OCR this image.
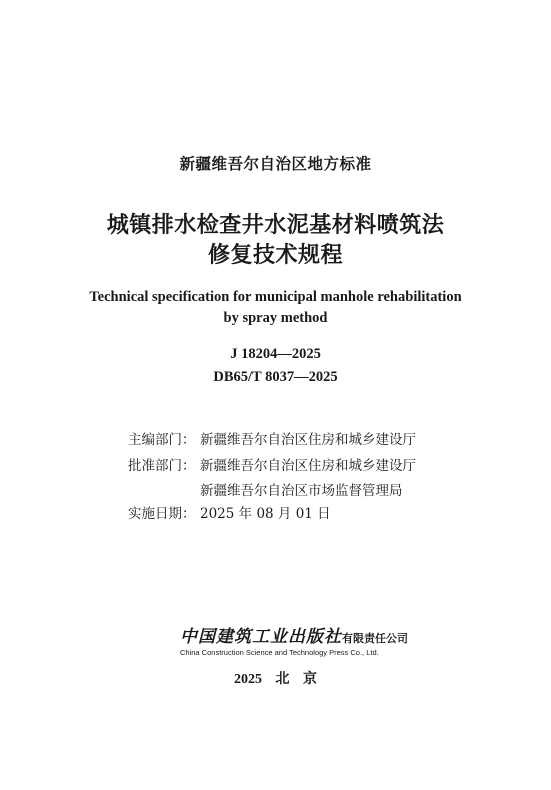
新疆维吾尔自治区地方标准
城镇排水检查井水泥基材料喷筑法
修复技术规程
Technical specification for municipal manhole rehabilitation
by spray method
J 18204—2025
DB65/T 8037—2025
主编部门： 新疆维吾尔自治区住房和城乡建设厅
批准部门： 新疆维吾尔自治区住房和城乡建设厅
新疆维吾尔自治区市场监督管理局
实施日期： 2025 年 08 月 01 日
中国建筑工业出版社有限责任公司
China Construction Science and Technology Press Co., Ltd.
2025 北 京
